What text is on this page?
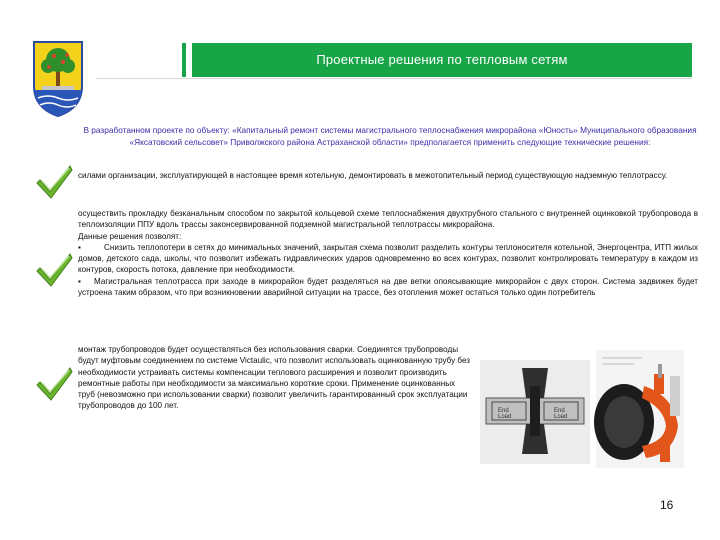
Проектные решения по тепловым сетям
В разработанном проекте по объекту: «Капитальный ремонт системы магистрального теплоснабжения микрорайона «Юность» Муниципального образования «Яксатовский сельсовет» Приволжского района Астраханской области» предполагается применить следующие технические решения:

силами организации, эксплуатирующей в настоящее время котельную, демонтировать в межотопительный период существующую надземную теплотрассу.

осуществить прокладку безканальным способом по закрытой кольцевой схеме теплоснабжения двухтрубного стального с внутренней оцинковкой трубопровода в теплоизоляции ППУ вдоль трассы законсервированной подземной магистральной теплотрассы микрорайона.

Данные решения позволят:

▪	Снизить теплопотери в сетях до минимальных значений, закрытая схема позволит разделить контуры теплоносителя котельной, Энергоцентра, ИТП жилых домов, детского сада, школы, что позволит избежать гидравлических ударов одновременно во всех контурах, позволит контролировать температуру в каждом из контуров, скорость потока, давление при необходимости.

▪ Магистральная теплотрасса при заходе в микрорайон будет разделяться на две ветки опоясывающие микрорайон с двух сторон. Система задвижек будет устроена таким образом, что при возникновении аварийной ситуации на трассе, без отопления может остаться только один потребитель

монтаж трубопроводов будет осуществляться без использования сварки. Соединятся трубопроводы будут муфтовым соединением по системе Victaulic, что позволит использовать оцинкованную трубу без необходимости устраивать системы компенсации теплового расширения и позволит производить ремонтные работы при необходимости за максимально короткие сроки. Применение оцинкованных труб (невозможно при использовании сварки) позволит увеличить гарантированный срок эксплуатации трубопроводов до 100 лет.

End
Load
End
Load
16
